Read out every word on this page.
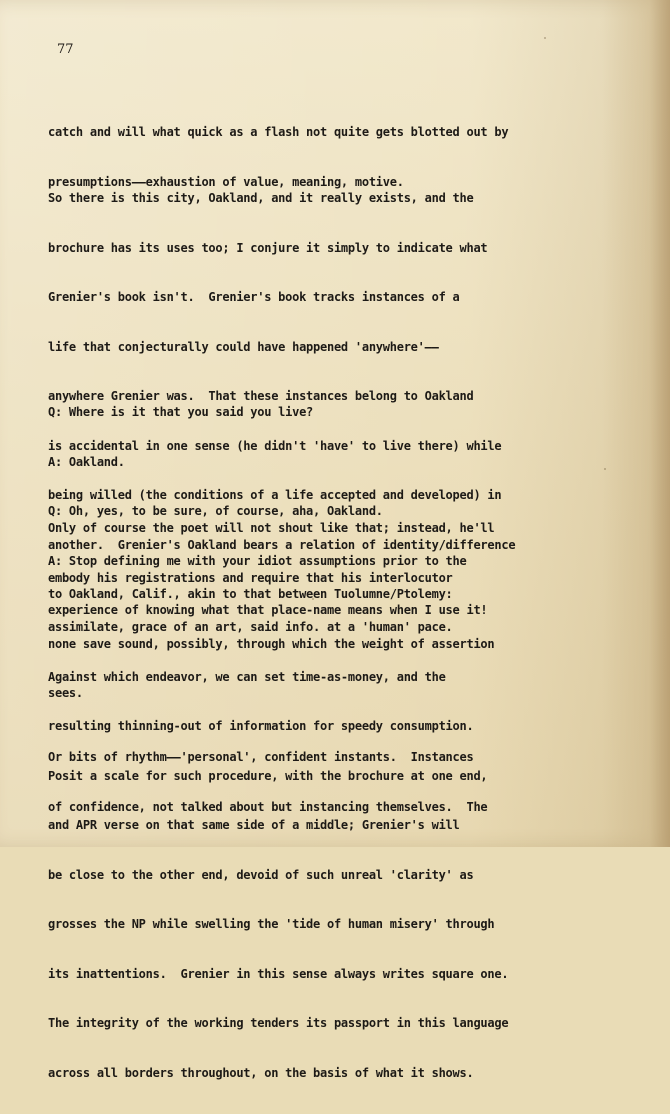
77

catch and will what quick as a flash not quite gets blotted out by

presumptions——exhaustion of value, meaning, motive.

So there is this city, Oakland, and it really exists, and the

brochure has its uses too; I conjure it simply to indicate what

Grenier's book isn't.  Grenier's book tracks instances of a

life that conjecturally could have happened 'anywhere'——

anywhere Grenier was.  That these instances belong to Oakland

is accidental in one sense (he didn't 'have' to live there) while

being willed (the conditions of a life accepted and developed) in

another.  Grenier's Oakland bears a relation of identity/difference

to Oakland, Calif., akin to that between Tuolumne/Ptolemy:

none save sound, possibly, through which the weight of assertion

sees.

Q: Where is it that you said you live?

A: Oakland.

Q: Oh, yes, to be sure, of course, aha, Oakland.

A: Stop defining me with your idiot assumptions prior to the

experience of knowing what that place-name means when I use it!

Only of course the poet will not shout like that; instead, he'll

embody his registrations and require that his interlocutor

assimilate, grace of an art, said info. at a 'human' pace.

Against which endeavor, we can set time-as-money, and the

resulting thinning-out of information for speedy consumption.

Posit a scale for such procedure, with the brochure at one end,

and APR verse on that same side of a middle; Grenier's will

be close to the other end, devoid of such unreal 'clarity' as

grosses the NP while swelling the 'tide of human misery' through

its inattentions.  Grenier in this sense always writes square one.

The integrity of the working tenders its passport in this language

across all borders throughout, on the basis of what it shows.

Or bits of rhythm——'personal', confident instants.  Instances

of confidence, not talked about but instancing themselves.  The
